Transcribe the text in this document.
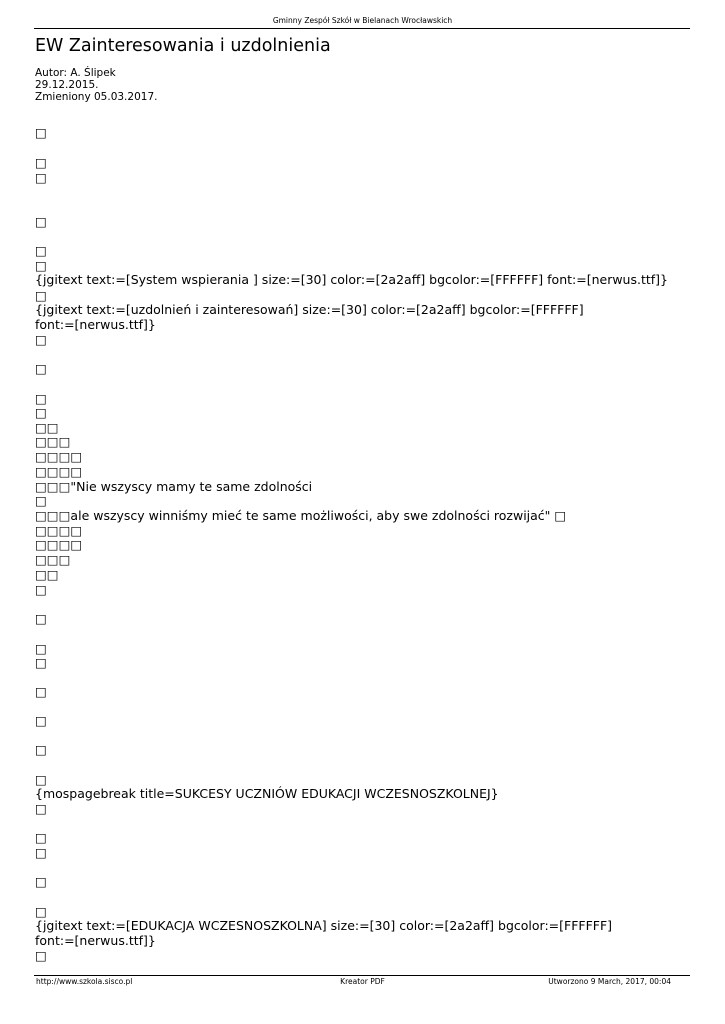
Gminny Zespół Szkół w Bielanach Wrocławskich
EW Zainteresowania i uzdolnienia
Autor: A. Ślipek
29.12.2015.
Zmieniony 05.03.2017.
□
□
□
□
□
□
{jgitext text:=[System wspierania ] size:=[30] color:=[2a2aff] bgcolor:=[FFFFFF] font:=[nerwus.ttf]}
□
{jgitext text:=[uzdolnień i zainteresowań] size:=[30] color:=[2a2aff] bgcolor:=[FFFFFF]
font:=[nerwus.ttf]}
□
□
□
□
□□
□□□
□□□□
□□□□
□□□"Nie wszyscy mamy te same zdolności
□
□□□ale wszyscy winniśmy mieć te same możliwości, aby swe zdolności rozwijać" □
□□□□
□□□□
□□□
□□
□
□
□
□
□
□
□
□
{mospagebreak title=SUKCESY UCZNIÓW EDUKACJI WCZESNOSZKOLNEJ}
□
□
□
□
□
{jgitext text:=[EDUKACJA WCZESNOSZKOLNA] size:=[30] color:=[2a2aff] bgcolor:=[FFFFFF]
font:=[nerwus.ttf]}
□
http://www.szkola.sisco.pl	Kreator PDF	Utworzono 9 March, 2017, 00:04
